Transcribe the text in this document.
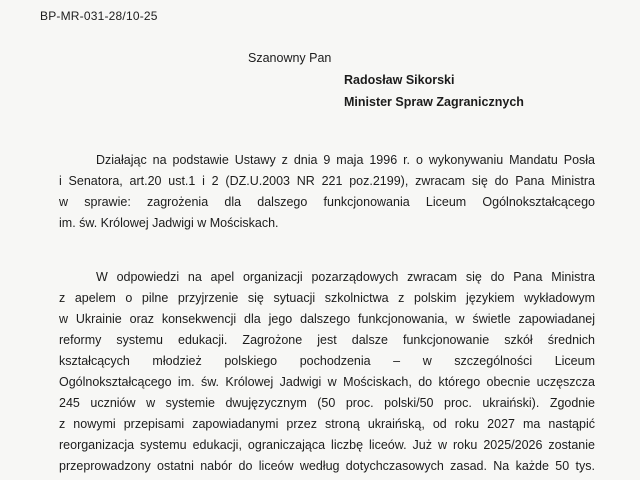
BP-MR-031-28/10-25
Szanowny Pan
Radosław Sikorski
Minister Spraw Zagranicznych
Działając na podstawie Ustawy z dnia 9 maja 1996 r. o wykonywaniu Mandatu Posła
i Senatora, art.20 ust.1 i 2 (DZ.U.2003 NR 221 poz.2199), zwracam się do Pana Ministra
w sprawie: zagrożenia dla dalszego funkcjonowania Liceum Ogólnokształcącego
im. św. Królowej Jadwigi w Mościskach.
W odpowiedzi na apel organizacji pozarządowych zwracam się do Pana Ministra
z apelem o pilne przyjrzenie się sytuacji szkolnictwa z polskim językiem wykładowym
w Ukrainie oraz konsekwencji dla jego dalszego funkcjonowania, w świetle zapowiadanej
reformy systemu edukacji. Zagrożone jest dalsze funkcjonowanie szkół średnich
kształcących młodzież polskiego pochodzenia – w szczególności Liceum
Ogólnokształcącego im. św. Królowej Jadwigi w Mościskach, do którego obecnie uczęszcza
245 uczniów w systemie dwujęzycznym (50 proc. polski/50 proc. ukraiński). Zgodnie
z nowymi przepisami zapowiadanymi przez stroną ukraińską, od roku 2027 ma nastąpić
reorganizacja systemu edukacji, ograniczająca liczbę liceów. Już w roku 2025/2026 zostanie
przeprowadzony ostatni nabór do liceów według dotychczasowych zasad. Na każde 50 tys.
